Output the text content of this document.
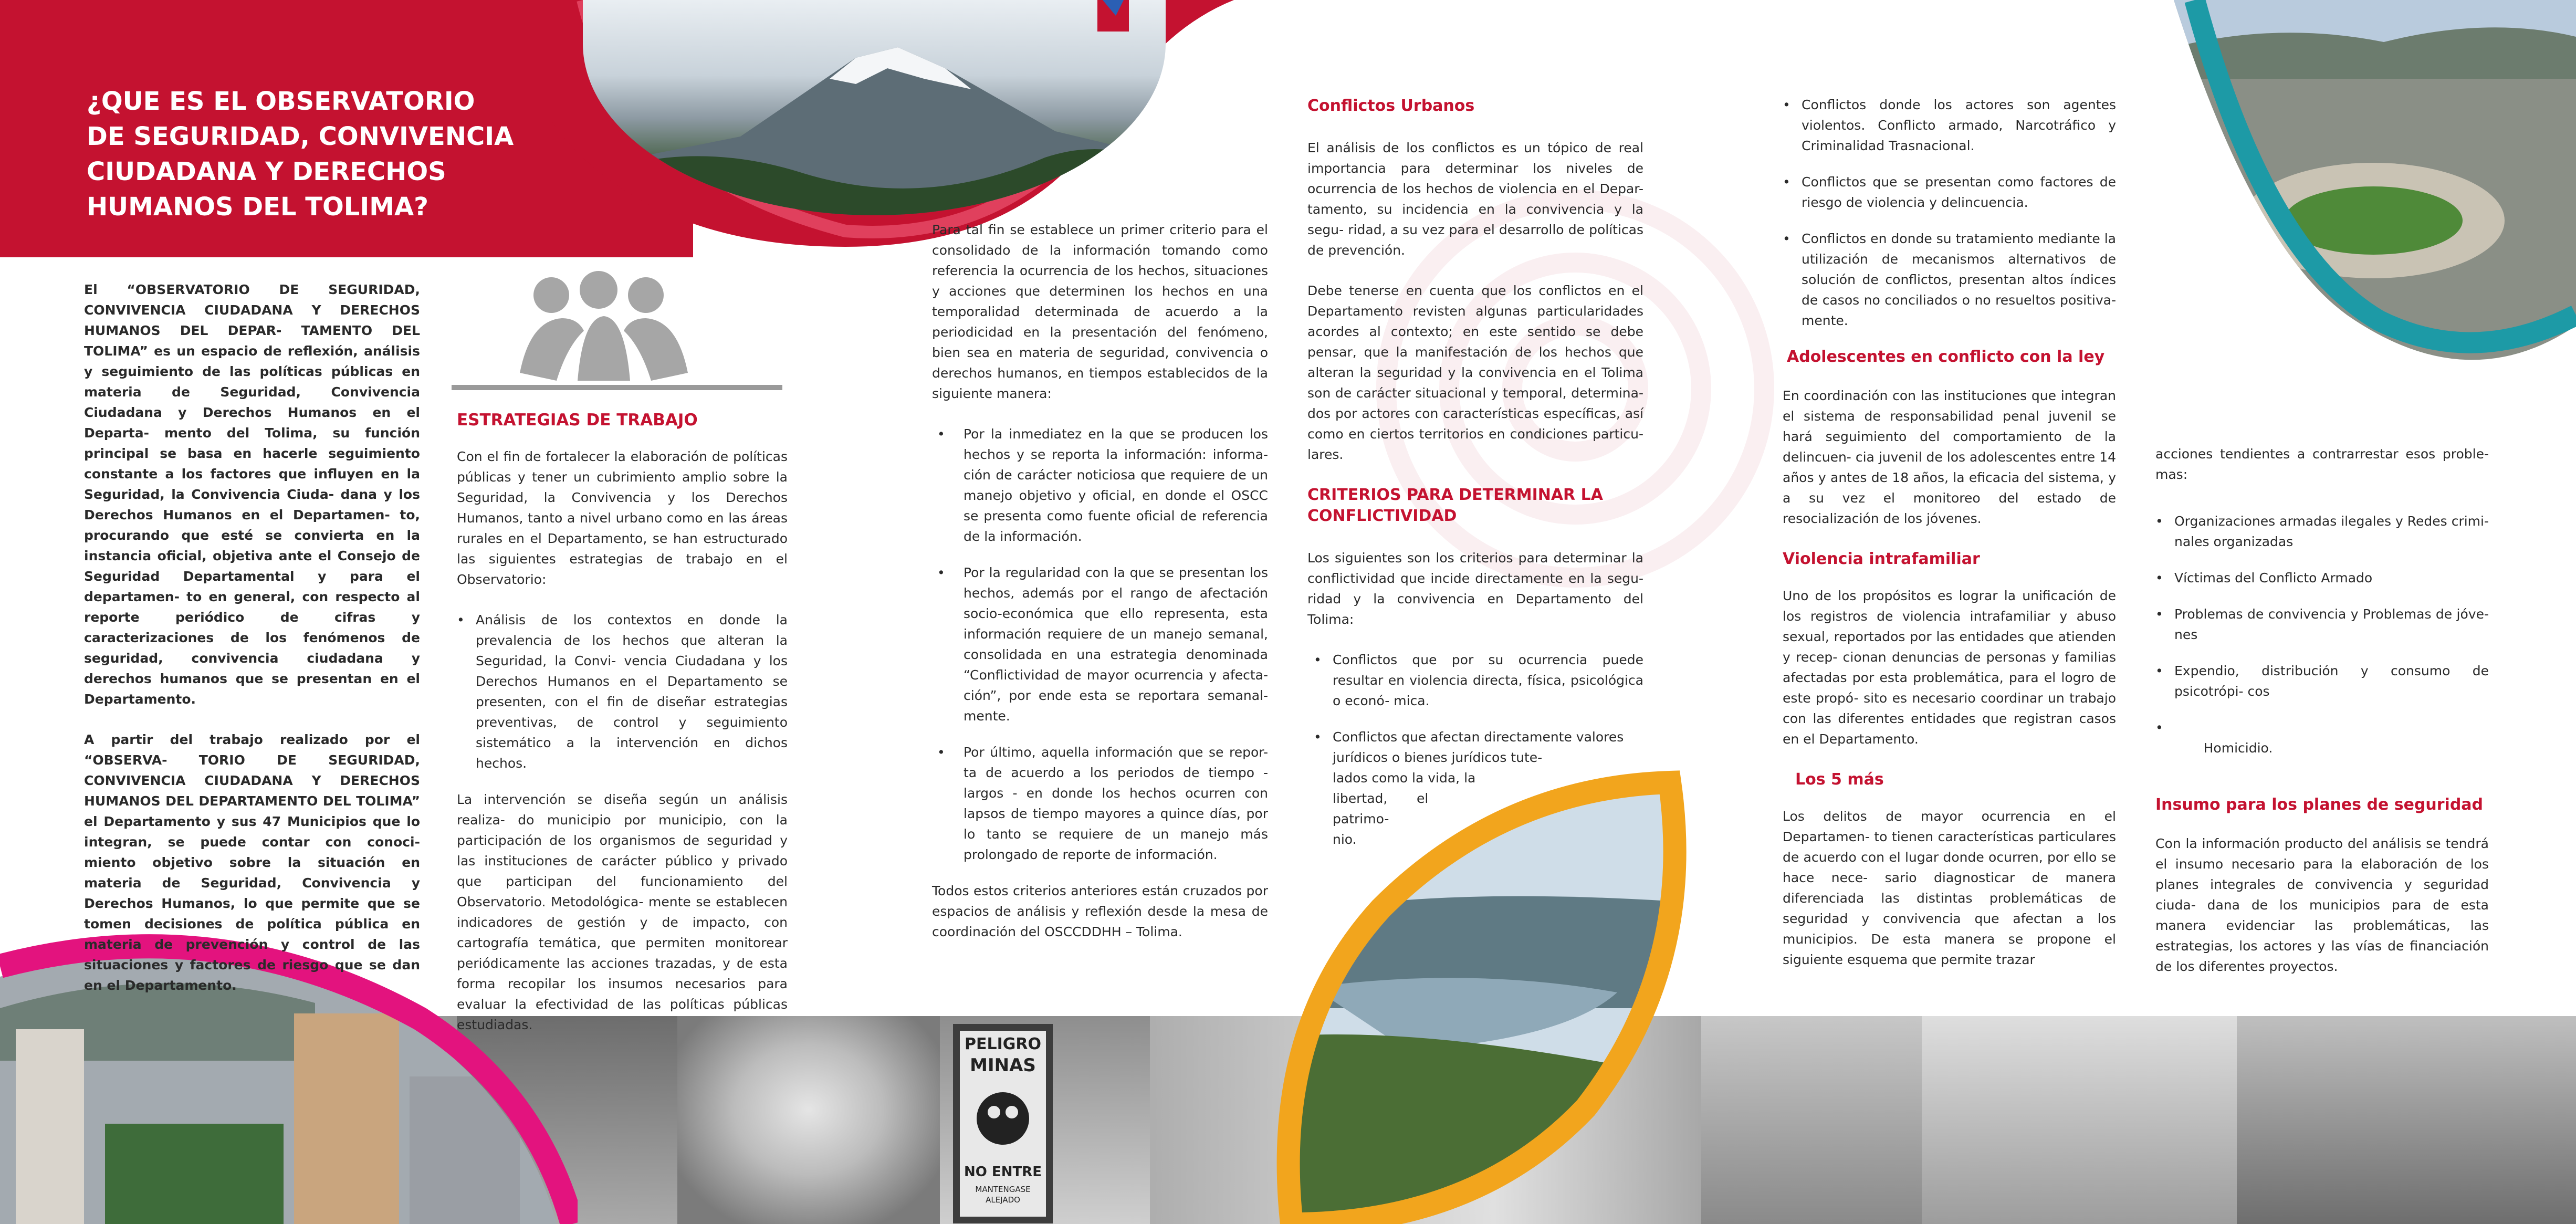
PELIGRO
MINAS
NO ENTRE
MANTENGASE
ALEJADO
¿QUE ES EL OBSERVATORIO
DE SEGURIDAD, CONVIVENCIA
CIUDADANA Y DERECHOS
HUMANOS DEL TOLIMA?

El “OBSERVATORIO DE SEGURIDAD, CONVIVENCIA CIUDADANA Y DERECHOS HUMANOS DEL DEPAR- TAMENTO DEL TOLIMA” es un espacio de reflexión, análisis y seguimiento de las políticas públicas en materia de Seguridad, Convivencia Ciudadana y Derechos Humanos en el Departa- mento del Tolima, su función principal se basa en hacerle seguimiento constante a los factores que influyen en la Seguridad, la Convivencia Ciuda- dana y los Derechos Humanos en el Departamen- to, procurando que esté se convierta en la instancia oficial, objetiva ante el Consejo de Seguridad Departamental y para el departamen- to en general, con respecto al reporte periódico de cifras y caracterizaciones de los fenómenos de seguridad, convivencia ciudadana y derechos humanos que se presentan en el Departamento.

A partir del trabajo realizado por el “OBSERVA- TORIO DE SEGURIDAD, CONVIVENCIA CIUDADANA Y DERECHOS HUMANOS DEL DEPARTAMENTO DEL TOLIMA” el Departamento y sus 47 Municipios que lo integran, se puede contar con conoci- miento objetivo sobre la situación en materia de Seguridad, Convivencia y Derechos Humanos, lo que permite que se tomen decisiones de política pública en materia de prevención y control de las situaciones y factores de riesgo que se dan en el Departamento.

ESTRATEGIAS DE TRABAJO

Con el fin de fortalecer la elaboración de políticas públicas y tener un cubrimiento amplio sobre la Seguridad, la Convivencia y los Derechos Humanos, tanto a nivel urbano como en las áreas rurales en el Departamento, se han estructurado las siguientes estrategias de trabajo en el Observatorio:

• Análisis de los contextos en donde la prevalencia de los hechos que alteran la Seguridad, la Convi- vencia Ciudadana y los Derechos Humanos en el Departamento se presenten, con el fin de diseñar estrategias preventivas, de control y seguimiento sistemático a la intervención en dichos hechos.

La intervención se diseña según un análisis realiza- do municipio por municipio, con la participación de los organismos de seguridad y las instituciones de carácter público y privado que participan del funcionamiento del Observatorio. Metodológica- mente se establecen indicadores de gestión y de impacto, con cartografía temática, que permiten monitorear periódicamente las acciones trazadas, y de esta forma recopilar los insumos necesarios para evaluar la efectividad de las políticas públicas estudiadas.

Para tal fin se establece un primer criterio para el consolidado de la información tomando como referencia la ocurrencia de los hechos, situaciones y acciones que determinen los hechos en una temporalidad determinada de acuerdo a la periodicidad en la presentación del fenómeno, bien sea en materia de seguridad, convivencia o derechos humanos, en tiempos establecidos de la siguiente manera:

• Por la inmediatez en la que se producen los hechos y se reporta la información: informa- ción de carácter noticiosa que requiere de un manejo objetivo y oficial, en donde el OSCC se presenta como fuente oficial de referencia de la información.
• Por la regularidad con la que se presentan los hechos, además por el rango de afectación socio-económica que ello representa, esta información requiere de un manejo semanal, consolidada en una estrategia denominada “Conflictividad de mayor ocurrencia y afecta- ción”, por ende esta se reportara semanal- mente.
• Por último, aquella información que se repor- ta de acuerdo a los periodos de tiempo - largos - en donde los hechos ocurren con lapsos de tiempo mayores a quince días, por lo tanto se requiere de un manejo más prolongado de reporte de información.

Todos estos criterios anteriores están cruzados por espacios de análisis y reflexión desde la mesa de coordinación del OSCCDDHH – Tolima.

Conflictos Urbanos

El análisis de los conflictos es un tópico de real importancia para determinar los niveles de ocurrencia de los hechos de violencia en el Depar- tamento, su incidencia en la convivencia y la segu- ridad, a su vez para el desarrollo de políticas de prevención.

Debe tenerse en cuenta que los conflictos en el Departamento revisten algunas particularidades acordes al contexto; en este sentido se debe pensar, que la manifestación de los hechos que alteran la seguridad y la convivencia en el Tolima son de carácter situacional y temporal, determina- dos por actores con características específicas, así como en ciertos territorios en condiciones particu- lares.

CRITERIOS PARA DETERMINAR LA
CONFLICTIVIDAD

Los siguientes son los criterios para determinar la conflictividad que incide directamente en la segu- ridad y la convivencia en Departamento del Tolima:

• Conflictos que por su ocurrencia puede resultar en violencia directa, física, psicológica o econó- mica.
• Conflictos que afectan directamente valores
jurídicos o bienes jurídicos tute-
lados como la vida, la
libertad,       el
patrimo-
nio.
• Conflictos donde los actores son agentes violentos. Conflicto armado, Narcotráfico y Criminalidad Trasnacional.
• Conflictos que se presentan como factores de riesgo de violencia y delincuencia.
• Conflictos en donde su tratamiento mediante la utilización de mecanismos alternativos de solución de conflictos, presentan altos índices de casos no conciliados o no resueltos positiva- mente.
Adolescentes en conflicto con la ley

En coordinación con las instituciones que integran el sistema de responsabilidad penal juvenil se hará seguimiento del comportamiento de la delincuen- cia juvenil de los adolescentes entre 14 años y antes de 18 años, la eficacia del sistema, y a su vez el monitoreo del estado de resocialización de los jóvenes.

Violencia intrafamiliar

Uno de los propósitos es lograr la unificación de los registros de violencia intrafamiliar y abuso sexual, reportados por las entidades que atienden y recep- cionan denuncias de personas y familias afectadas por esta problemática, para el logro de este propó- sito es necesario coordinar un trabajo con las diferentes entidades que registran casos en el Departamento.

Los 5 más

Los delitos de mayor ocurrencia en el Departamen- to tienen características particulares de acuerdo con el lugar donde ocurren, por ello se hace nece- sario diagnosticar de manera diferenciada las distintas problemáticas de seguridad y convivencia que afectan a los municipios. De esta manera se propone el siguiente esquema que permite trazar

acciones tendientes a contrarrestar esos proble- mas:

• Organizaciones armadas ilegales y Redes crimi- nales organizadas
• Víctimas del Conflicto Armado
• Problemas de convivencia y Problemas de jóve- nes
• Expendio, distribución y consumo de psicotrópi- cos

•  Homicidio.

Insumo para los planes de seguridad

Con la información producto del análisis se tendrá el insumo necesario para la elaboración de los planes integrales de convivencia y seguridad ciuda- dana de los municipios para de esta manera evidenciar las problemáticas, las estrategias, los actores y las vías de financiación de los diferentes proyectos.
